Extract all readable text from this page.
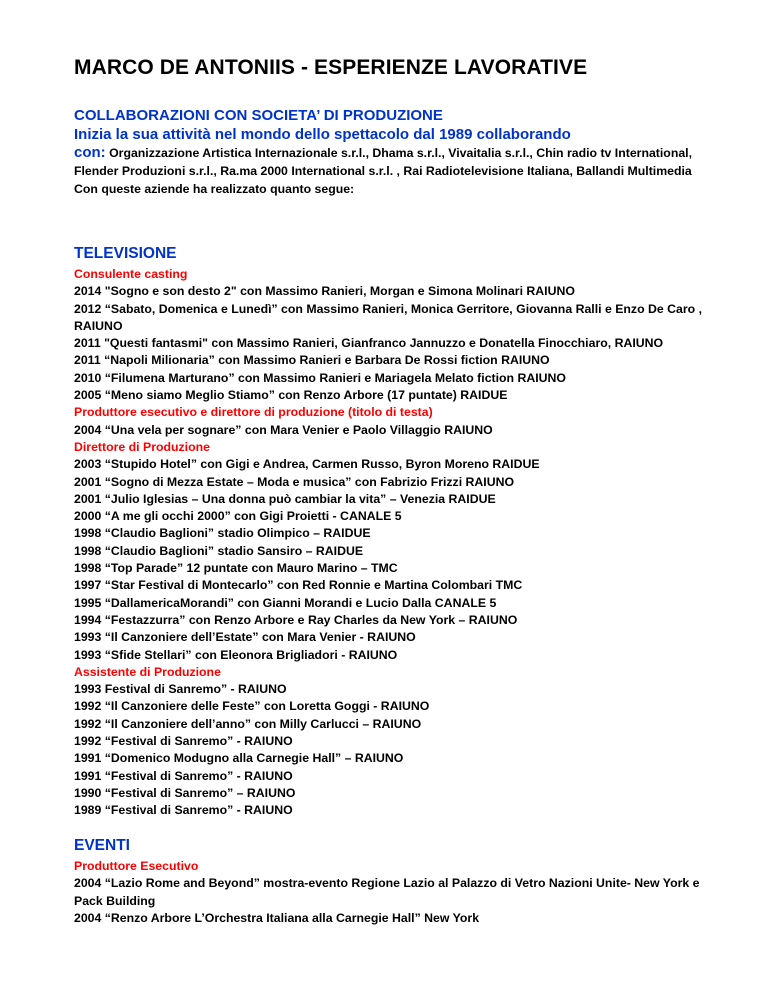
MARCO DE ANTONIIS - ESPERIENZE LAVORATIVE
COLLABORAZIONI CON SOCIETA’ DI PRODUZIONE
Inizia la sua attività nel mondo dello spettacolo dal 1989 collaborando
con: Organizzazione Artistica Internazionale s.r.l., Dhama s.r.l., Vivaitalia s.r.l., Chin radio tv International, Flender Produzioni s.r.l., Ra.ma 2000 International s.r.l. , Rai Radiotelevisione Italiana, Ballandi Multimedia
Con queste aziende ha realizzato quanto segue:
TELEVISIONE
Consulente casting
2014 "Sogno e son desto 2" con Massimo Ranieri, Morgan e Simona Molinari RAIUNO
2012 “Sabato, Domenica e Lunedì” con Massimo Ranieri, Monica Gerritore, Giovanna Ralli e Enzo De Caro , RAIUNO
2011 "Questi fantasmi" con Massimo Ranieri, Gianfranco Jannuzzo e Donatella Finocchiaro, RAIUNO
2011 “Napoli Milionaria” con Massimo Ranieri e Barbara De Rossi fiction RAIUNO
2010 “Filumena Marturano” con Massimo Ranieri e Mariagela Melato fiction RAIUNO
2005 “Meno siamo Meglio Stiamo” con Renzo Arbore (17 puntate) RAIDUE
Produttore esecutivo e direttore di produzione (titolo di testa)
2004 “Una vela per sognare” con Mara Venier e Paolo Villaggio RAIUNO
Direttore di Produzione
2003 “Stupido Hotel” con Gigi e Andrea, Carmen Russo, Byron Moreno RAIDUE
2001 “Sogno di Mezza Estate – Moda e musica” con Fabrizio Frizzi RAIUNO
2001 “Julio Iglesias – Una donna può cambiar la vita” – Venezia RAIDUE
2000 “A me gli occhi 2000” con Gigi Proietti - CANALE 5
1998 “Claudio Baglioni” stadio Olimpico – RAIDUE
1998 “Claudio Baglioni” stadio Sansiro – RAIDUE
1998 “Top Parade” 12 puntate con Mauro Marino – TMC
1997 “Star Festival di Montecarlo” con Red Ronnie e Martina Colombari TMC
1995 “DallamericaMorandi” con Gianni Morandi e Lucio Dalla CANALE 5
1994 “Festazzurra” con Renzo Arbore e Ray Charles da New York – RAIUNO
1993 “Il Canzoniere dell’Estate” con Mara Venier - RAIUNO
1993 “Sfide Stellari” con Eleonora Brigliadori - RAIUNO
Assistente di Produzione
1993 Festival di Sanremo” - RAIUNO
1992 “Il Canzoniere delle Feste” con Loretta Goggi - RAIUNO
1992 “Il Canzoniere dell’anno” con Milly Carlucci – RAIUNO
1992 “Festival di Sanremo” - RAIUNO
1991 “Domenico Modugno alla Carnegie Hall” – RAIUNO
1991 “Festival di Sanremo” - RAIUNO
1990 “Festival di Sanremo” – RAIUNO
1989 “Festival di Sanremo” - RAIUNO
EVENTI
Produttore Esecutivo
2004 “Lazio Rome and Beyond” mostra-evento Regione Lazio al Palazzo di Vetro Nazioni Unite- New York e Pack Building
2004 “Renzo Arbore L’Orchestra Italiana alla Carnegie Hall” New York
